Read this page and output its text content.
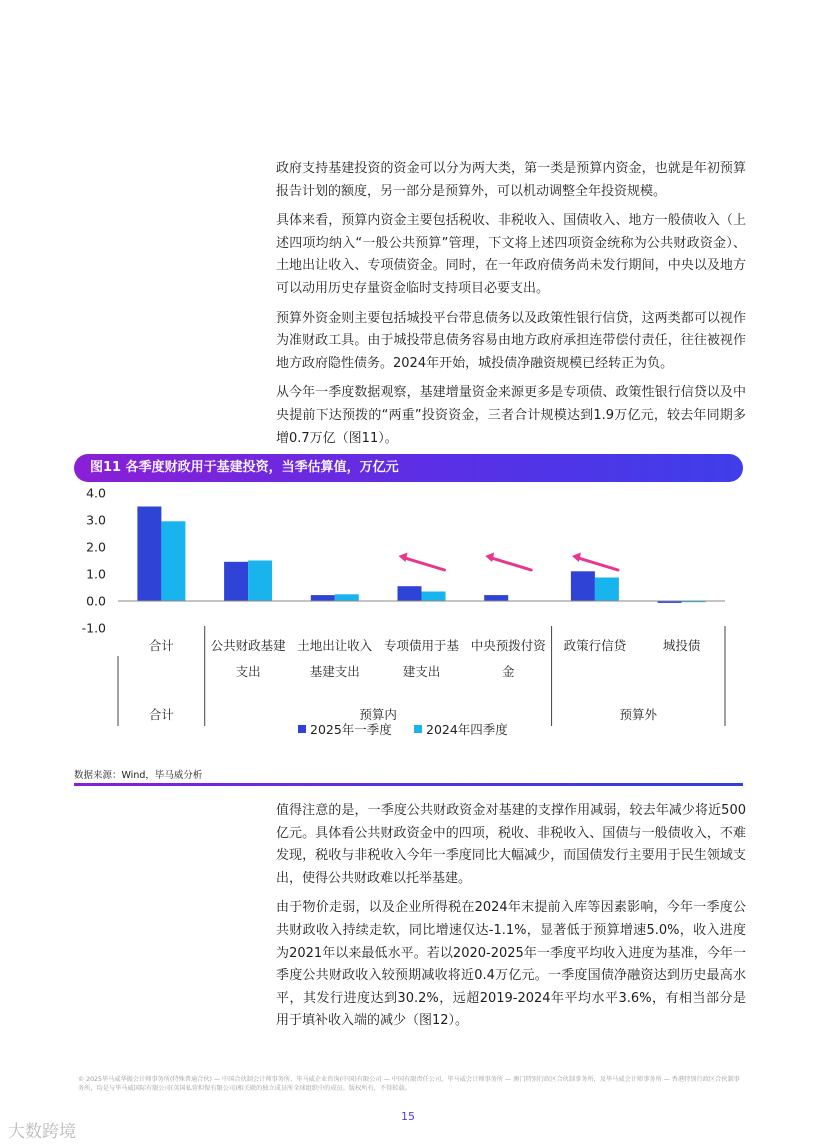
政府支持基建投资的资金可以分为两大类，第一类是预算内资金，也就是年初预算报告计划的额度，另一部分是预算外，可以机动调整全年投资规模。

具体来看，预算内资金主要包括税收、非税收入、国债收入、地方一般债收入（上述四项均纳入“一般公共预算”管理，下文将上述四项资金统称为公共财政资金）、土地出让收入、专项债资金。同时，在一年政府债务尚未发行期间，中央以及地方可以动用历史存量资金临时支持项目必要支出。

预算外资金则主要包括城投平台带息债务以及政策性银行信贷，这两类都可以视作为准财政工具。由于城投带息债务容易由地方政府承担连带偿付责任，往往被视作地方政府隐性债务。2024年开始，城投债净融资规模已经转正为负。

从今年一季度数据观察，基建增量资金来源更多是专项债、政策性银行信贷以及中央提前下达预拨的“两重”投资资金，三者合计规模达到1.9万亿元，较去年同期多增0.7万亿（图11）。

图11 各季度财政用于基建投资，当季估算值，万亿元
4.0
3.0
2.0
1.0
0.0
-1.0
合计	公共财政基建
支出
土地出让收入
基建支出
专项债用于基
建支出
中央预拨付资
金
政策行信贷	城投债
合计	预算内	预算外
2025年一季度	2024年四季度
数据来源：Wind，毕马威分析

值得注意的是，一季度公共财政资金对基建的支撑作用减弱，较去年减少将近500亿元。具体看公共财政资金中的四项，税收、非税收入、国债与一般债收入，不难发现，税收与非税收入今年一季度同比大幅减少，而国债发行主要用于民生领域支出，使得公共财政难以托举基建。

由于物价走弱，以及企业所得税在2024年末提前入库等因素影响，今年一季度公共财政收入持续走软，同比增速仅达-1.1%，显著低于预算增速5.0%，收入进度为2021年以来最低水平。若以2020-2025年一季度平均收入进度为基准，今年一季度公共财政收入较预期减收将近0.4万亿元。一季度国债净融资达到历史最高水平，其发行进度达到30.2%，远超2019-2024年平均水平3.6%，有相当部分是用于填补收入端的减少（图12）。

© 2025毕马威华振会计师事务所(特殊普通合伙) — 中国合伙制会计师事务所，毕马威企业咨询(中国)有限公司 — 中国有限责任公司，毕马威会计师事务所 — 澳门特别行政区合伙制事务所，及毕马威会计师事务所 — 香港特别行政区合伙制事务所，均是与毕马威国际有限公司(英国私营担保有限公司)相关联的独立成员所全球组织中的成员。版权所有，不得转载。
15
大数跨境
